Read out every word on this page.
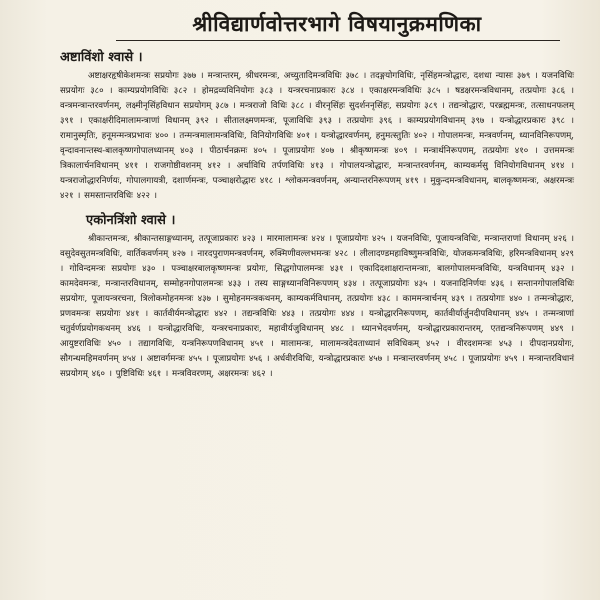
श्रीविद्यार्णवोत्तरभागे विषयानुक्रमणिका
अष्टाविंशो श्वासे ।

अष्टाक्षरहृषीकेशमन्त्रः सप्रयोगः ३७७ । मन्त्रान्तरम्, श्रीधरमन्त्रः, अच्युतादिमन्त्रविधिः ३७८ । तदङ्गयोगविधिः, नृसिंहमन्त्रोद्धारः, दशधा न्यासः ३७९ । यजनविधिः सप्रयोगः ३८० । काम्यप्रयोगविधिः ३८२ । होमद्रव्यविनियोगः ३८३ । यन्त्ररचनाप्रकारः ३८४ । एकाक्षरमन्त्रविधिः ३८५ । षडक्षरमन्त्रविधानम्, तत्प्रयोगः ३८६ । वन्त्रमन्त्रान्तरवर्णनम्, लक्ष्मीनृसिंहविधान सप्रयोगम् ३८७ । मन्त्रराजो विधिः ३८८ । वीरनृसिंहः सुदर्शननृसिंहः, सप्रयोगः ३८९ । तद्यन्त्रोद्धारः, परब्रह्ममन्त्रः, तत्साधनफलम् ३९१ । एकाक्षरीदिमालामन्त्राणां विधानम् ३९२ । सीतालक्ष्मणमन्त्रः, पूजाविधिः ३९३ । तत्प्रयोगः ३९६ । काम्यप्रयोगविधानम् ३९७ । यन्त्रोद्धारप्रकारः ३९८ । रामानुस्मृतिः, हनूमन्मन्त्रप्रभावः ४०० । तन्मन्त्रमालामन्त्रविधिः, विनियोगविधिः ४०१ । यन्त्रोद्धारवर्णनम्, हनुमत्स्तुतिः ४०२ । गोपालमन्त्रः, मन्त्रवर्णनम्, ध्यानविनिरूपणम्, वृन्दावनान्तस्थ-बालकृष्णगोपालध्यानम् ४०३ । पीठार्चनक्रमः ४०५ । पूजाप्रयोगः ४०७ । श्रीकृष्णमन्त्रः ४०९ । मन्त्रार्थनिरूपणम्, तत्प्रयोगः ४१० । उत्तममन्त्रः त्रिकालार्चनविधानम् ४११ । राजगोष्ठीवशनम् ४१२ । अर्चाविधि तर्पणविधिः ४१३ । गोपालयन्त्रोद्धारः, मन्त्रान्तरवर्णनम्, काम्यकर्मसु विनियोगविधानम् ४१४ । यन्त्रराजोद्धारनिर्णयः, गोपालगायत्री, दशार्णमन्त्रः, पञ्चाक्षरोद्धारः ४१८ । श्लोकमन्त्रवर्णनम्, अन्यान्तरनिरूपणम् ४१९ । मुकुन्दमन्त्रविधानम्, बालकृष्णमन्त्रः, अक्षरमन्त्रः ४२१ । समस्तान्तरविधिः ४२२ ।

एकोनत्रिंशो श्वासे ।

श्रीकान्तमन्त्रः, श्रीकान्तसाङ्गध्यानम्, तत्पूजाप्रकारः ४२३ । मारमालामन्त्रः ४२४ । पूजाप्रयोगः ४२५ । यजनविधिः, पूजायन्त्रविधिः, मन्त्रान्तराणां विधानम् ४२६ । वसुदेवसुतमन्त्रविधिः, वार्तिकवर्णनम् ४२७ । नारदपुराणमन्त्रवर्णनम्, रुक्मिणीवल्लभमन्त्रः ४२८ । लीलादण्डमहाविष्णुमन्त्रविधिः, योजकमन्त्रविधिः, हरिमन्त्रविधानम् ४२९ । गोविन्दमन्त्रः सप्रयोगः ४३० । पञ्चाक्षरबालकृष्णमन्त्रः प्रयोगः, सिद्धगोपालमन्त्रः ४३१ । एकादिदशाक्षरान्तमन्त्राः, बालगोपालमन्त्रविधिः, यन्त्रविधानम् ४३२ । कामदेवमन्त्रः, मन्त्रान्तरविधानम्, सम्मोहनगोपालमन्त्रः ४३३ । तस्य साङ्गध्यानविनिरूपणम् ४३४ । तत्पूजाप्रयोगः ४३५ । यजनादिनिर्णयः ४३६ । सन्तानगोपालविधिः सप्रयोगः, पूजायन्त्ररचना, त्रिलोकमोहनमन्त्रः ४३७ । सुमोहनमन्त्रकथनम्, काम्यकर्मविधानम्, तत्प्रयोगः ४३८ । काममन्त्रार्चनम् ४३९ । तत्प्रयोगाः ४४० । तन्मन्त्रोद्धारः, प्रणवमन्त्रः सप्रयोगः ४४१ । कार्तवीर्यमन्त्रोद्धारः ४४२ । तद्यन्त्रविधिः ४४३ । तत्प्रयोगः ४४४ । यन्त्रोद्धारनिरूपणम्, कार्तवीर्यार्जुनदीपविधानम् ४४५ । तन्मन्त्राणां चतुर्वर्णप्रयोगकथनम् ४४६ । यन्त्रोद्धारविधिः, यन्त्ररचनाप्रकारः, महावीर्यजुविधानम् ४४८ । ध्यानभेदवर्णनम्, यन्त्रोद्धारप्रकारान्तरम्, एतद्यन्त्रनिरूपणम् ४४९ । आयुष्टराविधिः ४५० । तद्यागविधिः, यन्त्रनिरूपणविधानम् ४५१ । मालामन्त्रः, मालामन्त्रदेवताध्यानं सविधिकम् ४५२ । वीरदशमन्त्रः ४५३ । दीपदानप्रयोगः, सौगन्धमहिमवर्णनम् ४५४ । अष्टावर्गमन्त्रः ४५५ । पूजाप्रयोगः ४५६ । अर्धवीरविधिः, यन्त्रोद्धारप्रकारः ४५७ । मन्त्रान्तरवर्णनम् ४५८ । पूजाप्रयोगः ४५९ । मन्त्रान्तरविधानं सप्रयोगम् ४६० । पुष्टिविधिः ४६१ । मन्त्रविवरणम्, अक्षरमन्त्रः ४६२ ।
